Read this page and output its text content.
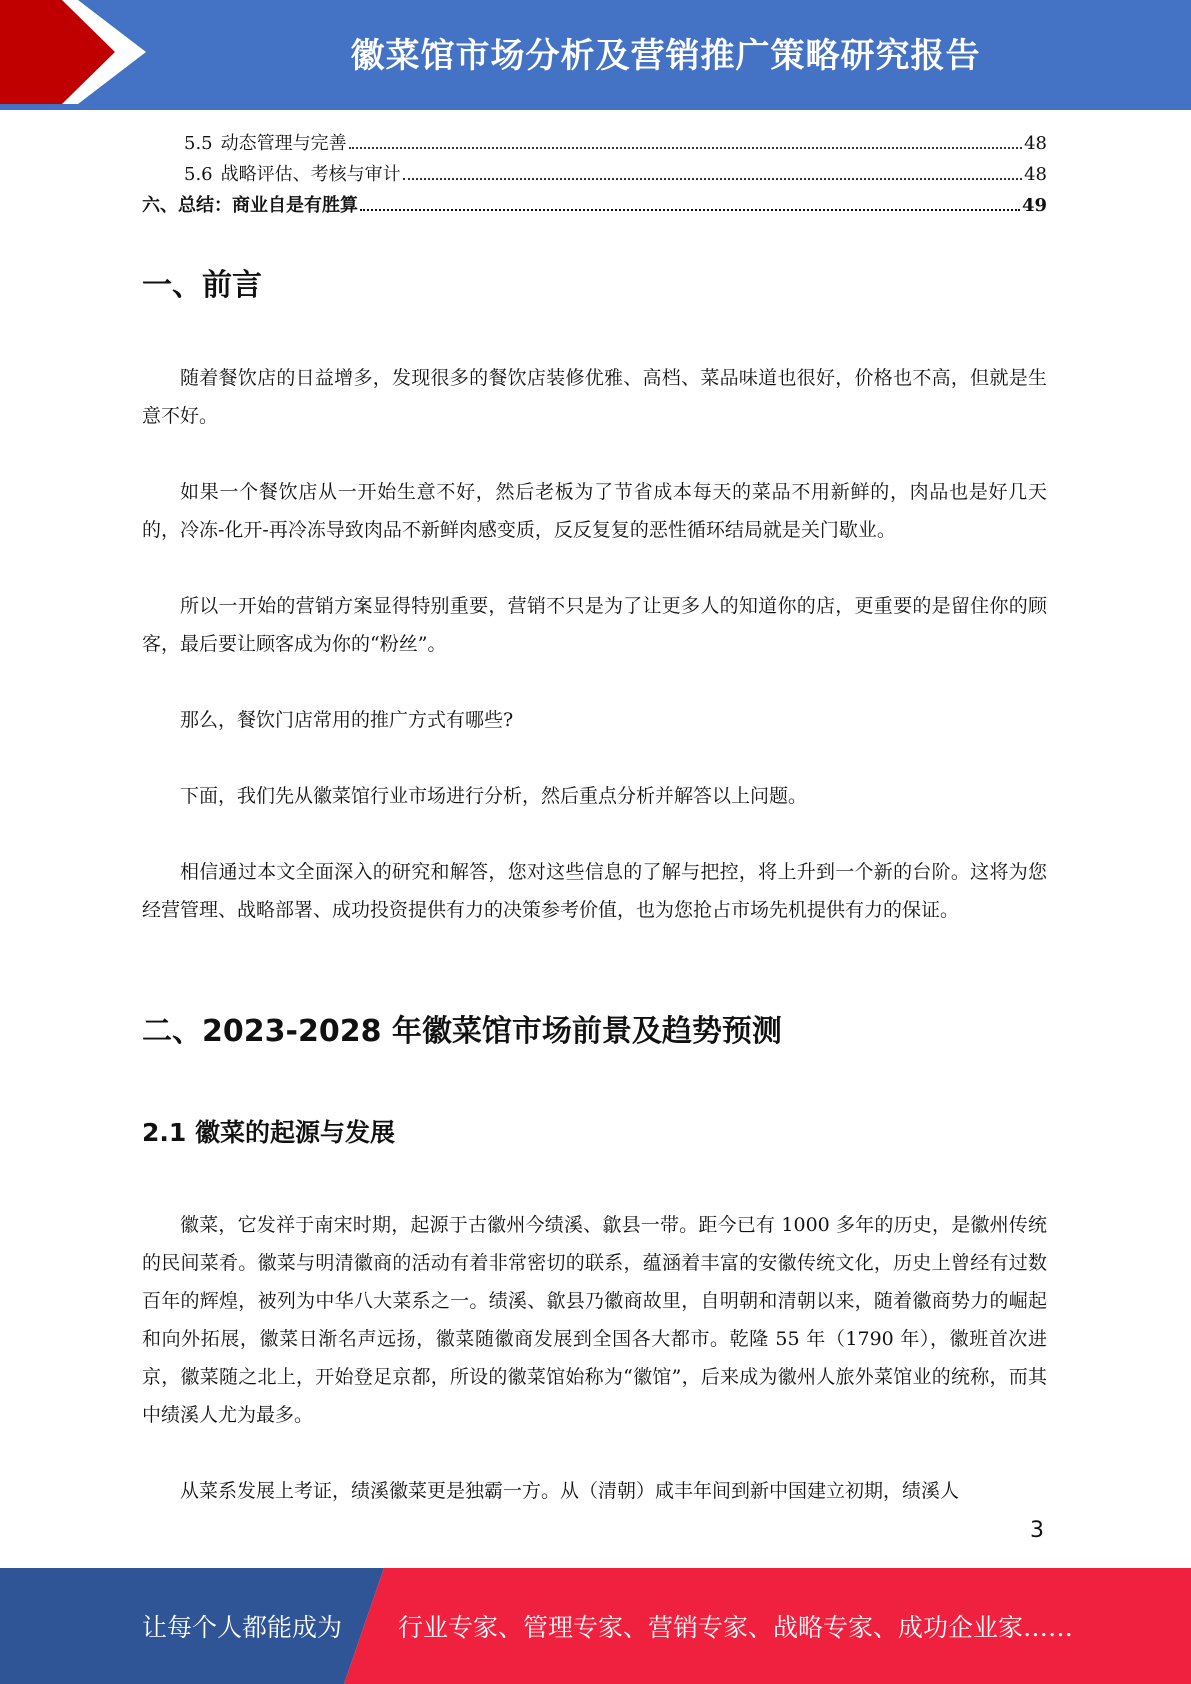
徽菜馆市场分析及营销推广策略研究报告
5.5 动态管理与完善	48
5.6 战略评估、考核与审计	48
六、总结：商业自是有胜算	49
一、前言

随着餐饮店的日益增多，发现很多的餐饮店装修优雅、高档、菜品味道也很好，价格也不高，但就是生意不好。

如果一个餐饮店从一开始生意不好，然后老板为了节省成本每天的菜品不用新鲜的，肉品也是好几天的，冷冻-化开-再冷冻导致肉品不新鲜肉感变质，反反复复的恶性循环结局就是关门歇业。

所以一开始的营销方案显得特别重要，营销不只是为了让更多人的知道你的店，更重要的是留住你的顾客，最后要让顾客成为你的“粉丝”。

那么，餐饮门店常用的推广方式有哪些?

下面，我们先从徽菜馆行业市场进行分析，然后重点分析并解答以上问题。

相信通过本文全面深入的研究和解答，您对这些信息的了解与把控，将上升到一个新的台阶。这将为您经营管理、战略部署、成功投资提供有力的决策参考价值，也为您抢占市场先机提供有力的保证。

二、2023-2028 年徽菜馆市场前景及趋势预测
2.1 徽菜的起源与发展

徽菜，它发祥于南宋时期，起源于古徽州今绩溪、歙县一带。距今已有 1000 多年的历史，是徽州传统的民间菜肴。徽菜与明清徽商的活动有着非常密切的联系，蕴涵着丰富的安徽传统文化，历史上曾经有过数百年的辉煌，被列为中华八大菜系之一。绩溪、歙县乃徽商故里，自明朝和清朝以来，随着徽商势力的崛起和向外拓展，徽菜日渐名声远扬，徽菜随徽商发展到全国各大都市。乾隆 55 年（1790 年），徽班首次进京，徽菜随之北上，开始登足京都，所设的徽菜馆始称为“徽馆”，后来成为徽州人旅外菜馆业的统称，而其中绩溪人尤为最多。

从菜系发展上考证，绩溪徽菜更是独霸一方。从（清朝）咸丰年间到新中国建立初期，绩溪人

3
让每个人都能成为 行业专家、管理专家、营销专家、战略专家、成功企业家……
